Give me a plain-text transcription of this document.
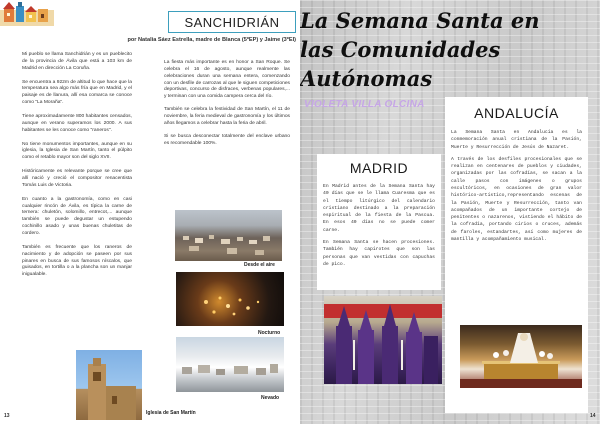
SANCHIDRIÁN
por Natalia Sáez Estrella, madre de Blanca (5ºEP) y Jaime (3ºEI)

Mi pueblo se llama Sanchidrián y es un pueblecito de la provincia de Ávila que está a 103 km de Madrid en dirección La Coruña.

Se encuentra a 922m de altitud lo que hace que la temperatura sea algo más fría que en Madrid, y el paisaje es de llanura, allí esa comarca se conoce como "La Moraña".

Tiene aproximadamente 800 habitantes censados, aunque en verano superamos los 2000. A sus habitantes se les conoce como "raneros".

No tiene monumentos importantes, aunque en su iglesia, la Iglesia de San Martín, tanto el púlpito como el retablo mayor son del siglo XVII.

Históricamente es relevante porque se cree que allí nació y creció el compositor renacentista Tomás Luis de Victoria.

En cuanto a la gastronomía, como en casi cualquier rincón de Ávila, es típica la carne de ternera: chuletón, solomillo, entrecot,... aunque también se puede degustar un estupendo cochinillo asado y unas buenas chuletitas de cordero.

También es frecuente que los raneros de nacimiento y de adopción se paseen por sus pinares en busca de sus famosos níscalos, que guisados, en tortilla o a la plancha son un manjar inigualable.

La fiesta más importante es en honor a San Roque. Se celebra el 16 de agosto, aunque realmente las celebraciones duran una semana entera, comenzando con un desfile de carrozas al que le siguen competiciones deportivas, concurso de disfraces, verbenas populares,... y terminan con una comida campera cerca del río.

También se celebra la festividad de San Martín, el 11 de noviembre, la feria medieval de gastronomía y los últimos años llegamos a celebrar hasta la feria de abril.

Si se busca desconectar totalmente del enclave urbano es recomendable 100%.

Desde el aire
Nocturno
Nevado
Iglesia de San Martín
13
La Semana Santa en
las Comunidades
Autónomas
VIOLETA VILLA OLCINA
ANDALUCÍA

La Semana Santa en Andalucía es la conmemoración anual cristiana de la Pasión, Muerte y Resurrección de Jesús de Nazaret.

A través de los desfiles procesionales que se realizan en centenares de pueblos y ciudades, organizadas por las cofradías, se sacan a la calle pasos con imágenes o grupos escultóricos, en ocasiones de gran valor histórico-artístico,representando escenas de la Pasión, Muerte y Resurrección, tanto van acompañados de un importante cortejo de penitentes o nazarenos, vistiendo el hábito de la cofradía, portando cirios o cruces, además de faroles, estandartes, así como mujeres de mantilla y acompañamiento musical.

MADRID

En Madrid antes de la Semana Santa hay 40 días que se le llama Cuaresma que es el tiempo litúrgico del calendario cristiano destinado a la preparación espiritual de la fiesta de la Pascua. En esos 40 días no se puede comer carne.

En Semana Santa se hacen procesiones. También hay capirotes que son las personas que van vestidas con capuchas de pico.

14
